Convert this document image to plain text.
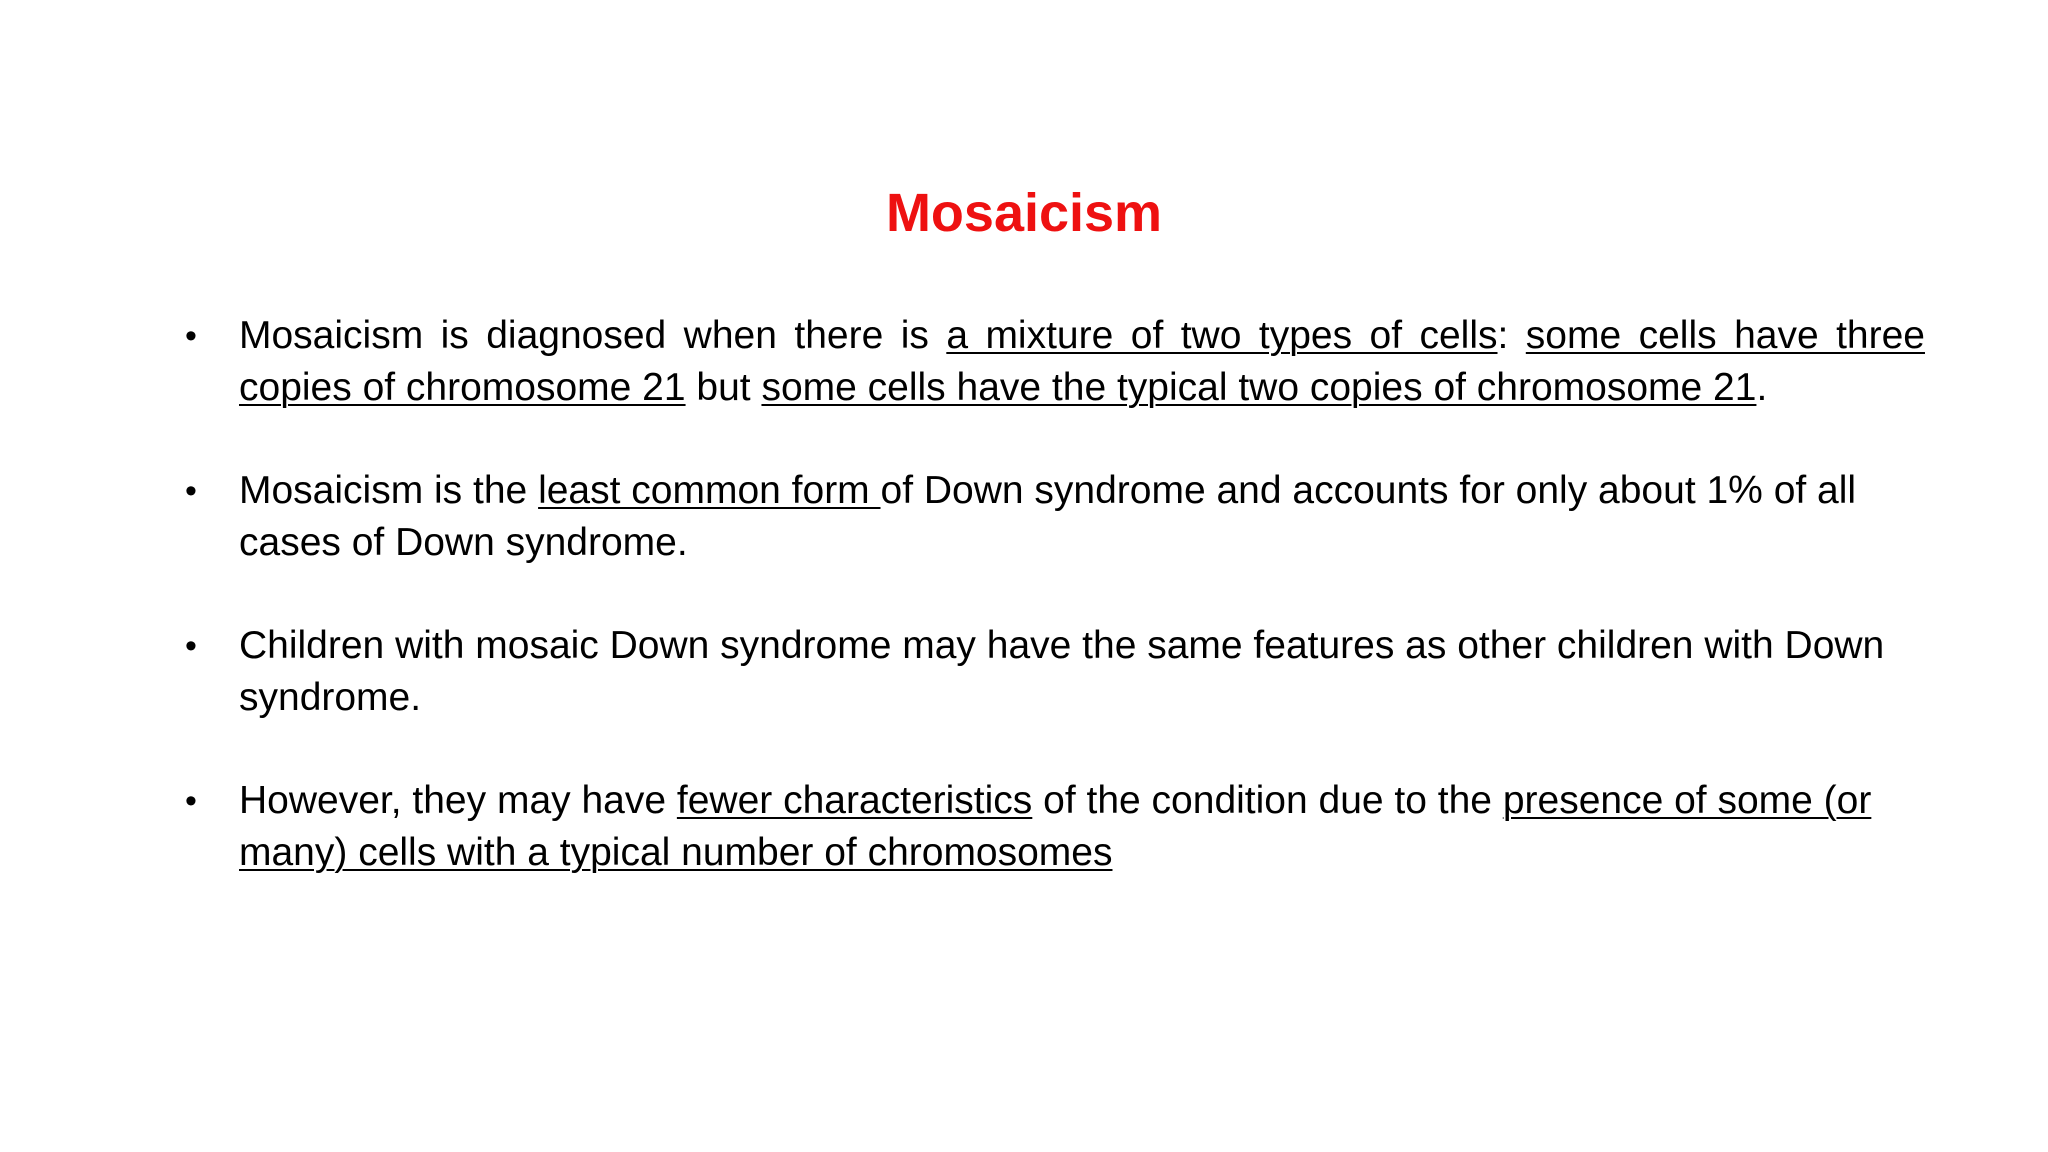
Mosaicism
•	Mosaicism is diagnosed when there is a mixture of two types of cells: some cells have three copies of chromosome 21 but some cells have the typical two copies of chromosome 21.
•	Mosaicism is the least common form of Down syndrome and accounts for only about 1% of all cases of Down syndrome.
•	Children with mosaic Down syndrome may have the same features as other children with Down syndrome.
•	However, they may have fewer characteristics of the condition due to the presence of some (or many) cells with a typical number of chromosomes
